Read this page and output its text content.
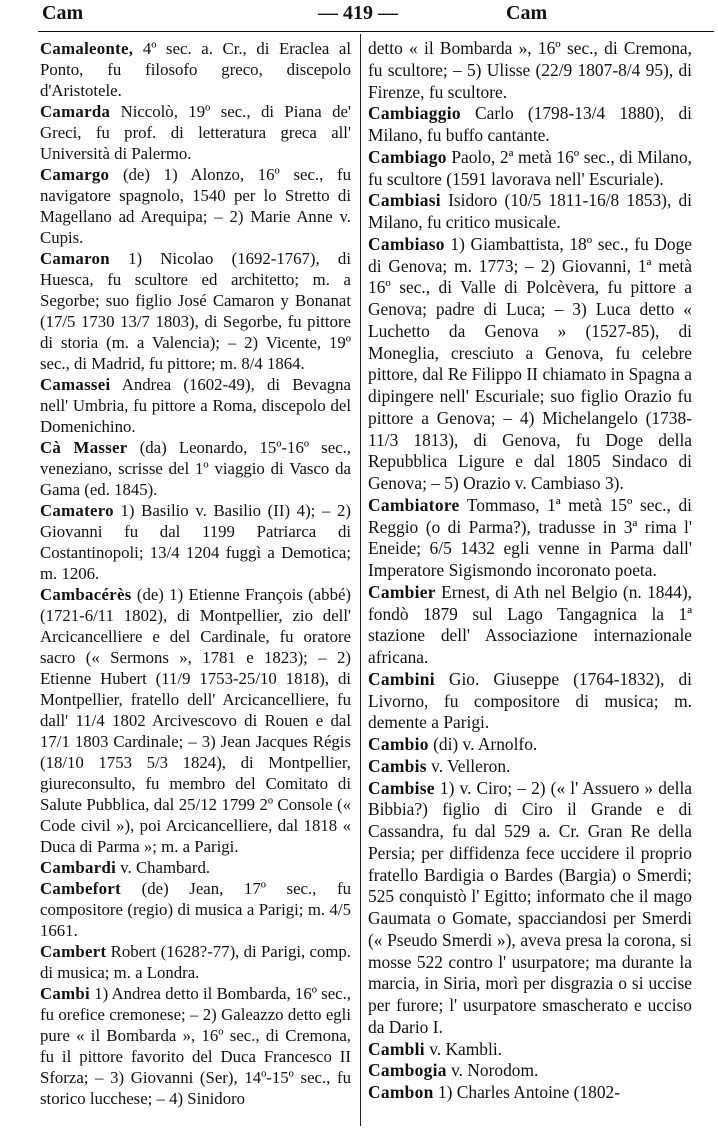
Cam	— 419 —	Cam

Camaleonte, 4º sec. a. Cr., di Eraclea al Ponto, fu filosofo greco, discepolo d'Aristotele.

Camarda Niccolò, 19º sec., di Piana de' Greci, fu prof. di letteratura greca all' Università di Palermo.

Camargo (de) 1) Alonzo, 16º sec., fu navigatore spagnolo, 1540 per lo Stretto di Magellano ad Arequipa; – 2) Marie Anne v. Cupis.

Camaron 1) Nicolao (1692-1767), di Huesca, fu scultore ed architetto; m. a Segorbe; suo figlio José Camaron y Bonanat (17/5 1730 13/7 1803), di Segorbe, fu pittore di storia (m. a Valencia); – 2) Vicente, 19º sec., di Madrid, fu pittore; m. 8/4 1864.

Camassei Andrea (1602-49), di Bevagna nell' Umbria, fu pittore a Roma, discepolo del Domenichino.

Cà Masser (da) Leonardo, 15º-16º sec., veneziano, scrisse del 1º viaggio di Vasco da Gama (ed. 1845).

Camatero 1) Basilio v. Basilio (II) 4); – 2) Giovanni fu dal 1199 Patriarca di Costantinopoli; 13/4 1204 fuggì a Demotica; m. 1206.

Cambacérès (de) 1) Etienne François (abbé) (1721-6/11 1802), di Montpellier, zio dell' Arcicancelliere e del Cardinale, fu oratore sacro (« Sermons », 1781 e 1823); – 2) Etienne Hubert (11/9 1753-25/10 1818), di Montpellier, fratello dell' Arcicancelliere, fu dall' 11/4 1802 Arcivescovo di Rouen e dal 17/1 1803 Cardinale; – 3) Jean Jacques Régis (18/10 1753 5/3 1824), di Montpellier, giureconsulto, fu membro del Comitato di Salute Pubblica, dal 25/12 1799 2º Console (« Code civil »), poi Arcicancelliere, dal 1818 « Duca di Parma »; m. a Parigi.

Cambardi v. Chambard.

Cambefort (de) Jean, 17º sec., fu compositore (regio) di musica a Parigi; m. 4/5 1661.

Cambert Robert (1628?-77), di Parigi, comp. di musica; m. a Londra.

Cambi 1) Andrea detto il Bombarda, 16º sec., fu orefice cremonese; – 2) Galeazzo detto egli pure « il Bombarda », 16º sec., di Cremona, fu il pittore favorito del Duca Francesco II Sforza; – 3) Giovanni (Ser), 14º-15º sec., fu storico lucchese; – 4) Sinidoro

detto « il Bombarda », 16º sec., di Cremona, fu scultore; – 5) Ulisse (22/9 1807-8/4 95), di Firenze, fu scultore.

Cambiaggio Carlo (1798-13/4 1880), di Milano, fu buffo cantante.

Cambiago Paolo, 2ª metà 16º sec., di Milano, fu scultore (1591 lavorava nell' Escuriale).

Cambiasi Isidoro (10/5 1811-16/8 1853), di Milano, fu critico musicale.

Cambiaso 1) Giambattista, 18º sec., fu Doge di Genova; m. 1773; – 2) Giovanni, 1ª metà 16º sec., di Valle di Polcèvera, fu pittore a Genova; padre di Luca; – 3) Luca detto « Luchetto da Genova » (1527-85), di Moneglia, cresciuto a Genova, fu celebre pittore, dal Re Filippo II chiamato in Spagna a dipingere nell' Escuriale; suo figlio Orazio fu pittore a Genova; – 4) Michelangelo (1738-11/3 1813), di Genova, fu Doge della Repubblica Ligure e dal 1805 Sindaco di Genova; – 5) Orazio v. Cambiaso 3).

Cambiatore Tommaso, 1ª metà 15º sec., di Reggio (o di Parma?), tradusse in 3ª rima l' Eneide; 6/5 1432 egli venne in Parma dall' Imperatore Sigismondo incoronato poeta.

Cambier Ernest, di Ath nel Belgio (n. 1844), fondò 1879 sul Lago Tangagnica la 1ª stazione dell' Associazione internazionale africana.

Cambini Gio. Giuseppe (1764-1832), di Livorno, fu compositore di musica; m. demente a Parigi.

Cambio (di) v. Arnolfo.

Cambis v. Velleron.

Cambise 1) v. Ciro; – 2) (« l' Assuero » della Bibbia?) figlio di Ciro il Grande e di Cassandra, fu dal 529 a. Cr. Gran Re della Persia; per diffidenza fece uccidere il proprio fratello Bardigia o Bardes (Bargia) o Smerdi; 525 conquistò l' Egitto; informato che il mago Gaumata o Gomate, spacciandosi per Smerdi (« Pseudo Smerdi »), aveva presa la corona, si mosse 522 contro l' usurpatore; ma durante la marcia, in Siria, morì per disgrazia o si uccise per furore; l' usurpatore smascherato e ucciso da Dario I.

Cambli v. Kambli.

Cambogia v. Norodom.

Cambon 1) Charles Antoine (1802-
